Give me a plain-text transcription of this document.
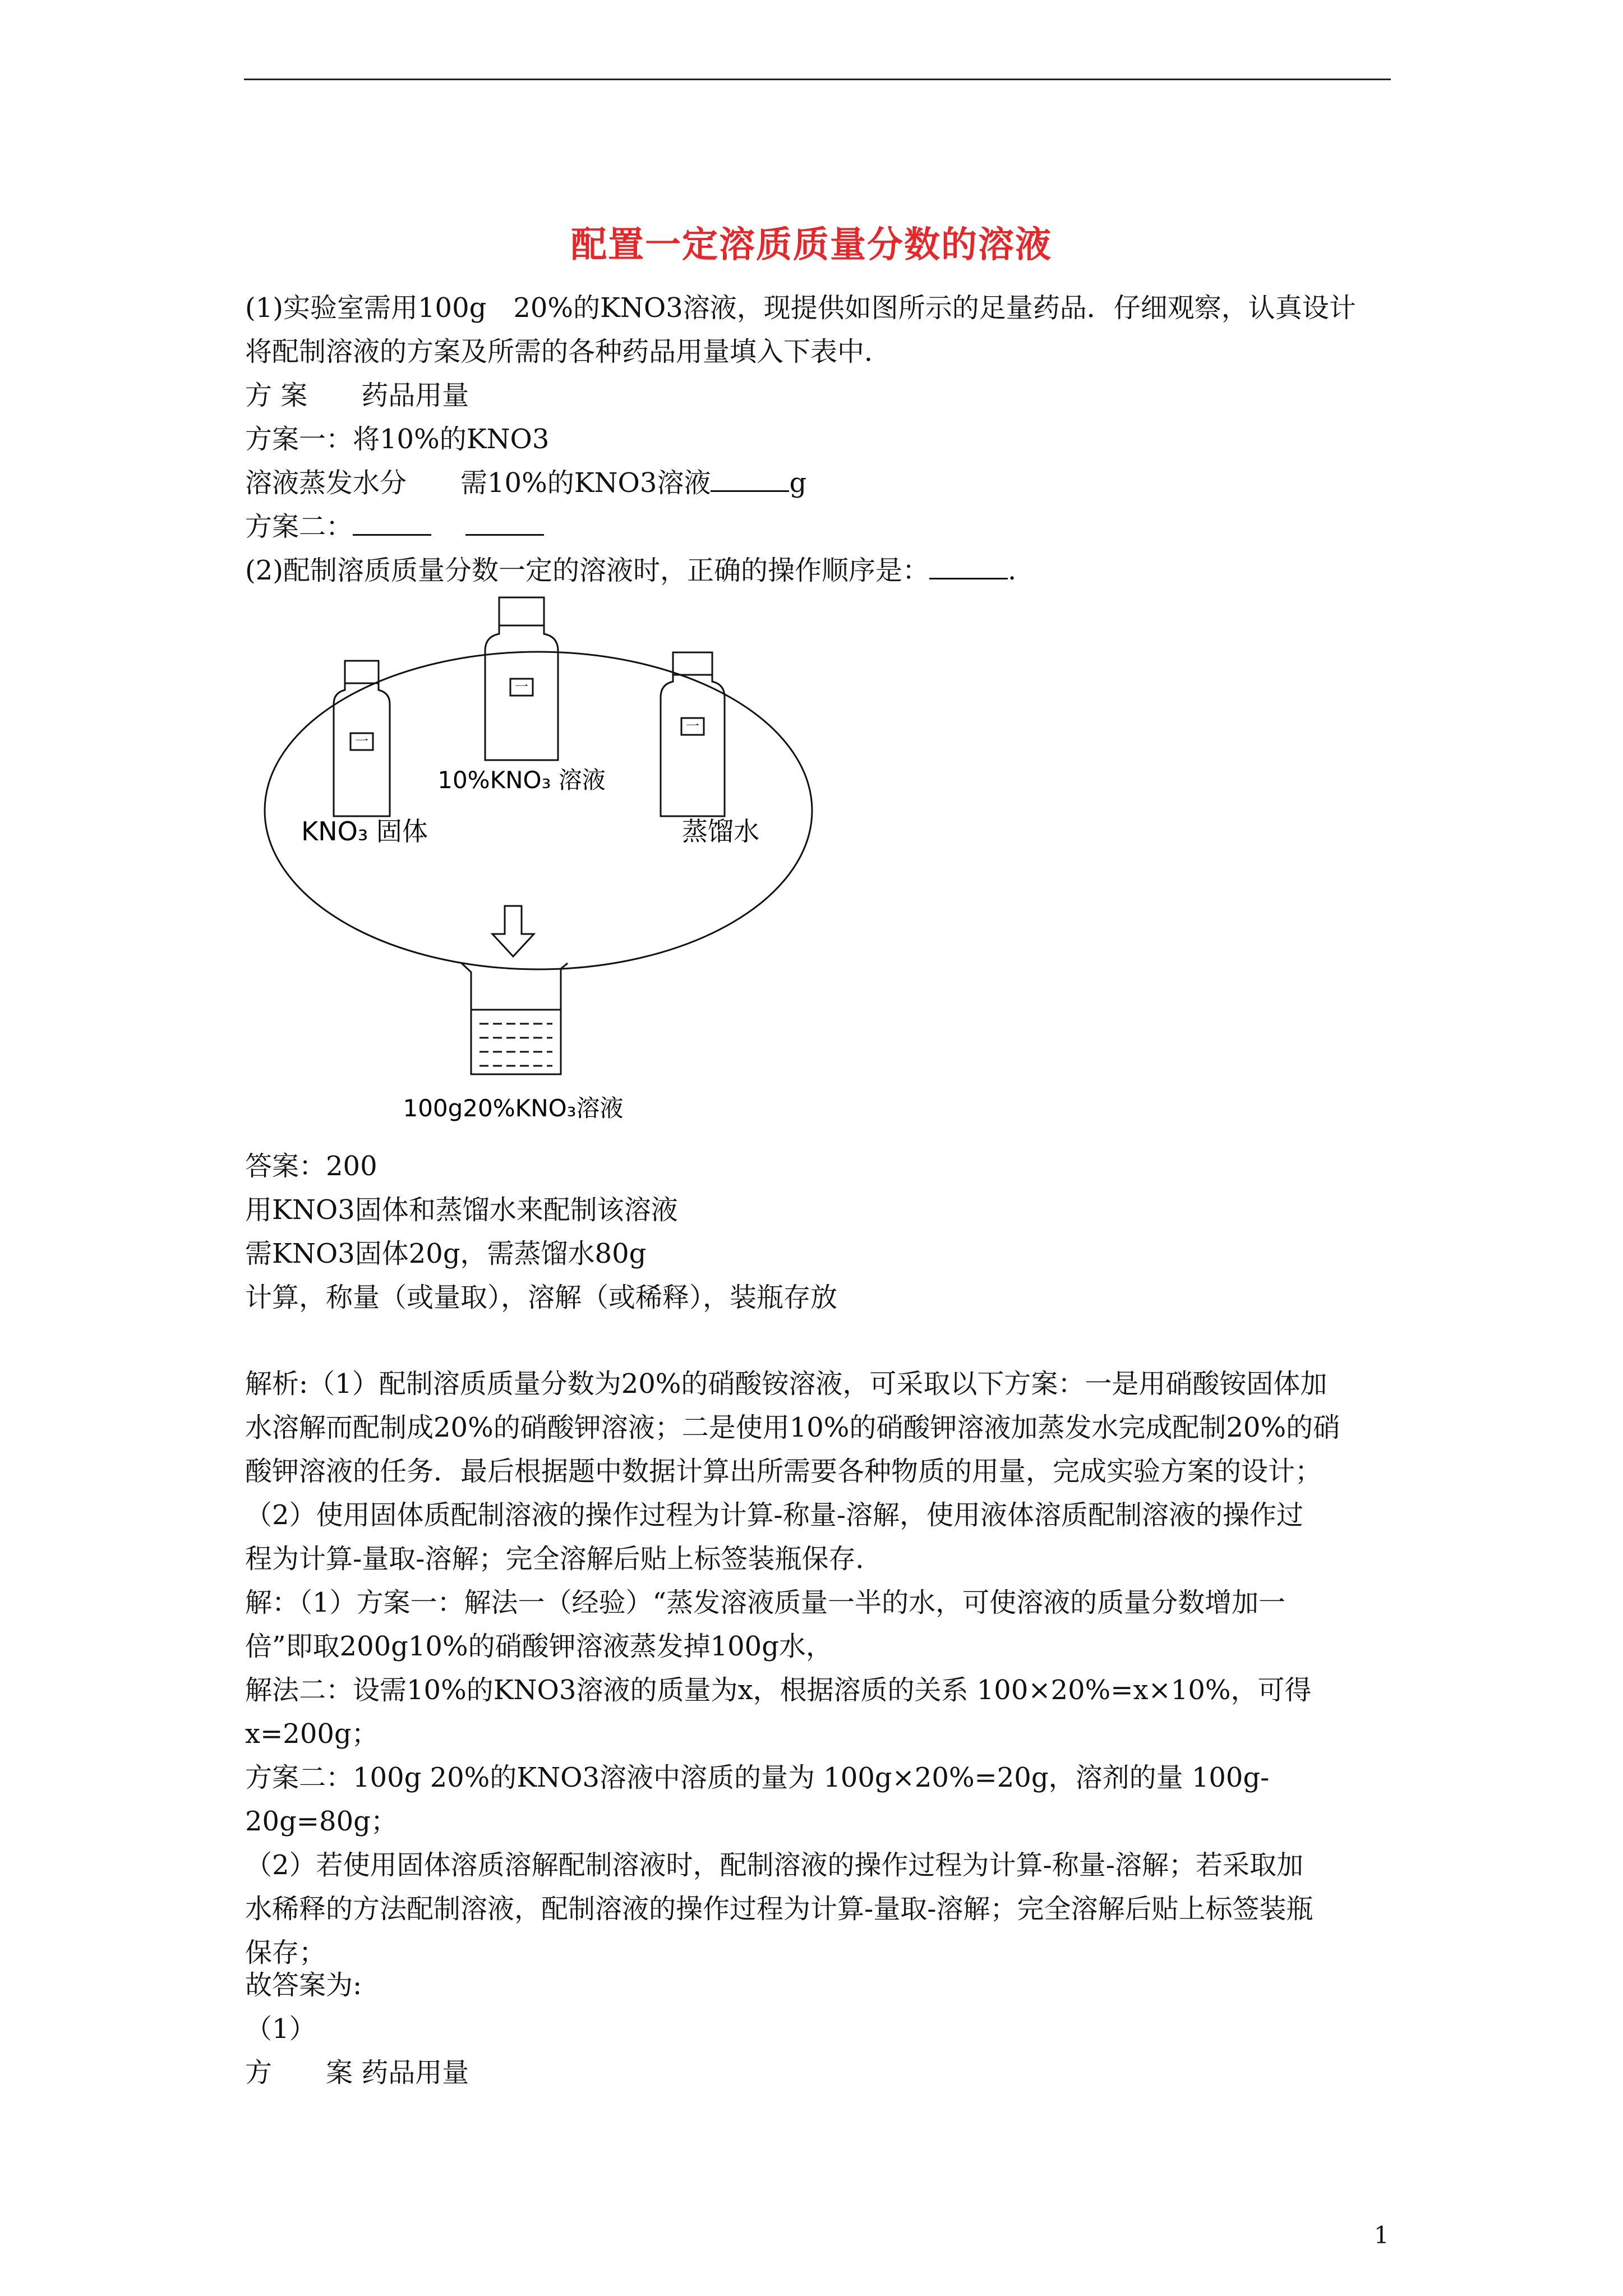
配置一定溶质质量分数的溶液

(1)实验室需用100g　20%的KNO3溶液，现提供如图所示的足量药品．仔细观察，认真设计

将配制溶液的方案及所需的各种药品用量填入下表中．

方 案　　药品用量

方案一：将10%的KNO3

溶液蒸发水分　　需10%的KNO3溶液	g

方案二：

(2)配制溶质质量分数一定的溶液时，正确的操作顺序是：	.

一
一
一
10%KNO₃ 溶液
KNO₃ 固体	蒸馏水
100g20%KNO₃溶液

答案：200

用KNO3固体和蒸馏水来配制该溶液

需KNO3固体20g，需蒸馏水80g

计算，称量（或量取），溶解（或稀释），装瓶存放

解析:（1）配制溶质质量分数为20%的硝酸铵溶液，可采取以下方案：一是用硝酸铵固体加

水溶解而配制成20%的硝酸钾溶液；二是使用10%的硝酸钾溶液加蒸发水完成配制20%的硝

酸钾溶液的任务．最后根据题中数据计算出所需要各种物质的用量，完成实验方案的设计；

（2）使用固体质配制溶液的操作过程为计算-称量-溶解，使用液体溶质配制溶液的操作过

程为计算-量取-溶解；完全溶解后贴上标签装瓶保存．

解：（1）方案一：解法一（经验）“蒸发溶液质量一半的水，可使溶液的质量分数增加一

倍”即取200g10%的硝酸钾溶液蒸发掉100g水，

解法二：设需10%的KNO3溶液的质量为x，根据溶质的关系 100×20%=x×10%，可得

x=200g；

方案二：100g 20%的KNO3溶液中溶质的量为 100g×20%=20g，溶剂的量 100g-20g=80g；

（2）若使用固体溶质溶解配制溶液时，配制溶液的操作过程为计算-称量-溶解；若采取加

水稀释的方法配制溶液，配制溶液的操作过程为计算-量取-溶解；完全溶解后贴上标签装瓶

保存；

故答案为:

（1）

方　　案 药品用量

1
